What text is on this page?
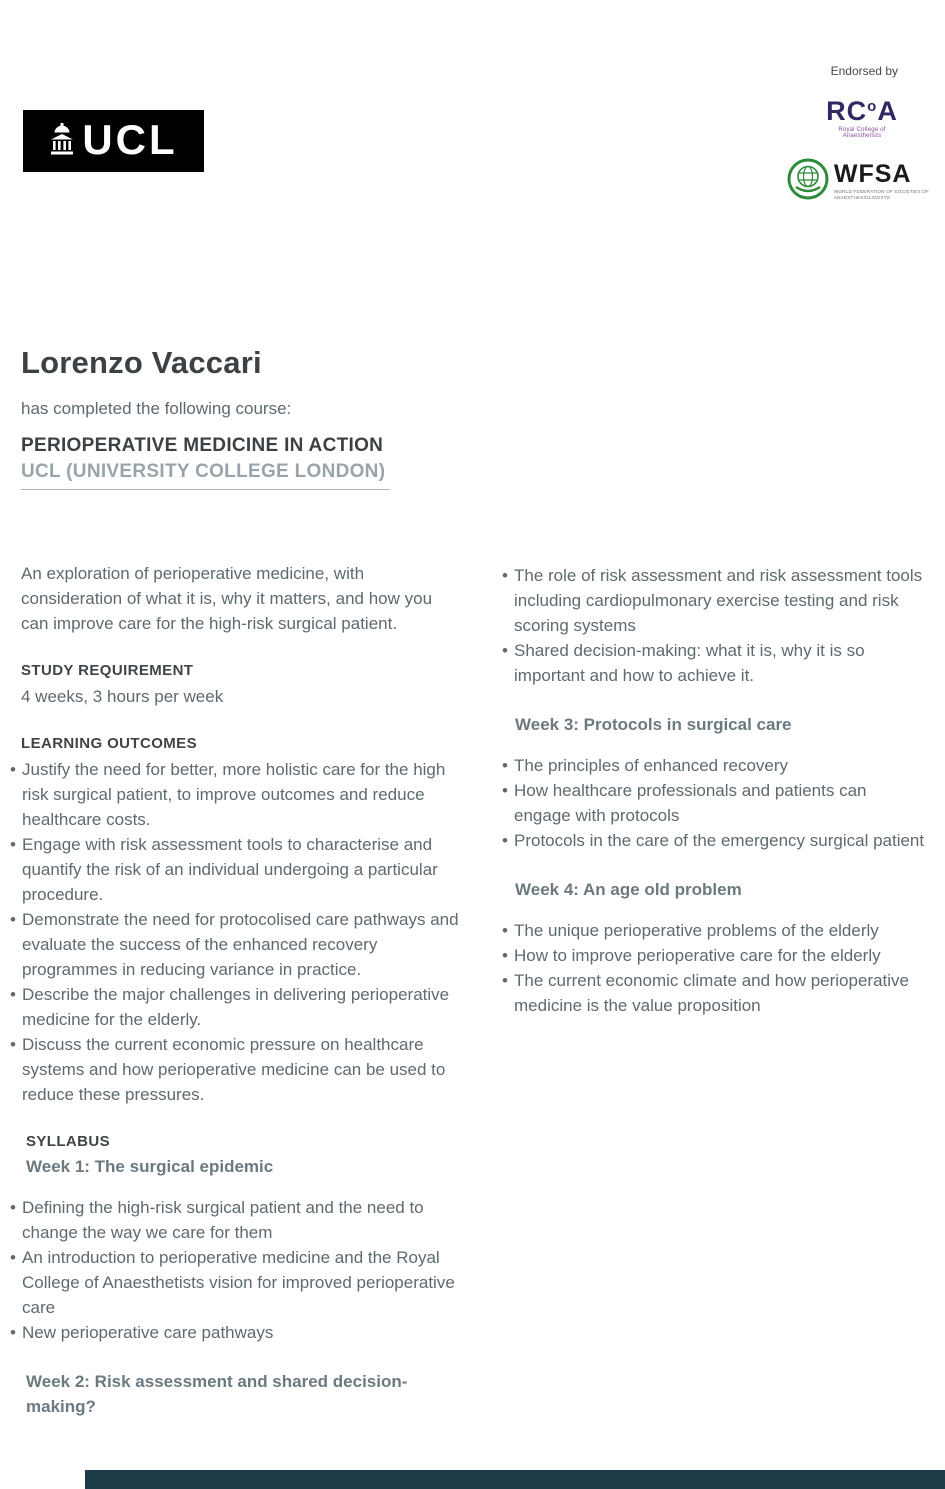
UCL
Endorsed by
$RC^oA$
Royal College of Anaesthetists
WFSA
WORLD FEDERATION OF SOCIETIES OF
ANAESTHESIOLOGISTS
Lorenzo Vaccari

has completed the following course:

PERIOPERATIVE MEDICINE IN ACTION
UCL (UNIVERSITY COLLEGE LONDON)

An exploration of perioperative medicine, with consideration of what it is, why it matters, and how you can improve care for the high-risk surgical patient.

STUDY REQUIREMENT

4 weeks, 3 hours per week

LEARNING OUTCOMES
• Justify the need for better, more holistic care for the high risk surgical patient, to improve outcomes and reduce healthcare costs.
• Engage with risk assessment tools to characterise and quantify the risk of an individual undergoing a particular procedure.
• Demonstrate the need for protocolised care pathways and evaluate the success of the enhanced recovery programmes in reducing variance in practice.
• Describe the major challenges in delivering perioperative medicine for the elderly.
• Discuss the current economic pressure on healthcare systems and how perioperative medicine can be used to reduce these pressures.
SYLLABUS
Week 1: The surgical epidemic
• Defining the high-risk surgical patient and the need to change the way we care for them
• An introduction to perioperative medicine and the Royal College of Anaesthetists vision for improved perioperative care
• New perioperative care pathways
Week 2: Risk assessment and shared decision-making?
• The role of risk assessment and risk assessment tools including cardiopulmonary exercise testing and risk scoring systems
• Shared decision-making: what it is, why it is so important and how to achieve it.
Week 3: Protocols in surgical care
• The principles of enhanced recovery
• How healthcare professionals and patients can engage with protocols
• Protocols in the care of the emergency surgical patient
Week 4: An age old problem
• The unique perioperative problems of the elderly
• How to improve perioperative care for the elderly
• The current economic climate and how perioperative medicine is the value proposition
